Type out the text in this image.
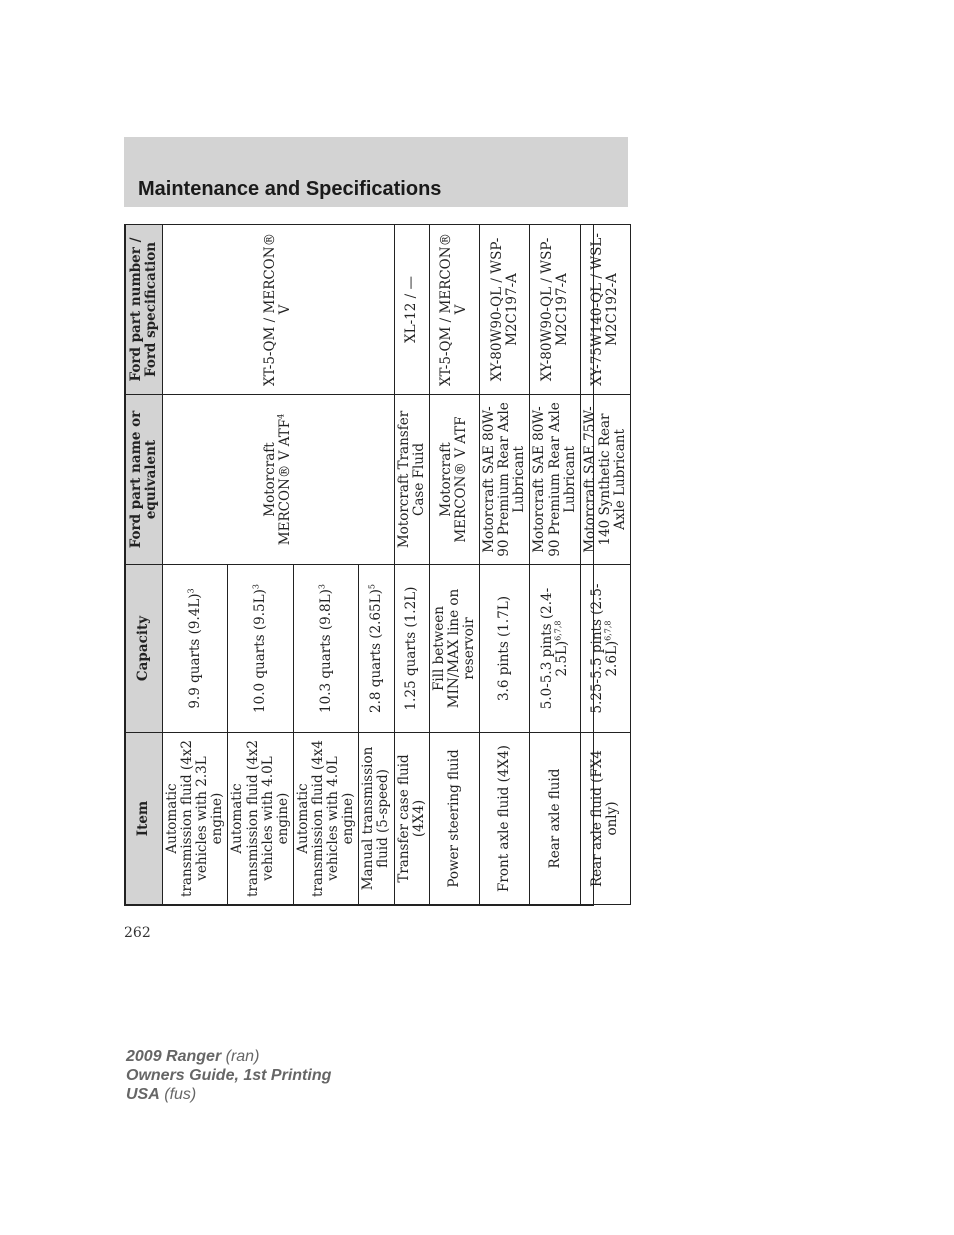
Maintenance and Specifications
Item	Capacity	Ford part name or equivalent	Ford part number / Ford specification
Automatic transmission fluid (4x2 vehicles with 2.3L engine)	9.9 quarts $(9.4L)^3$	Motorcraft MERCON® V ATF$^4$	XT-5-QM / MERCON® V
Automatic transmission fluid (4x2 vehicles with 4.0L engine)	10.0 quarts $(9.5L)^3$
Automatic transmission fluid (4x4 vehicles with 4.0L engine)	10.3 quarts $(9.8L)^3$
Manual transmission fluid (5-speed)	2.8 quarts $(2.65L)^5$
Transfer case fluid (4X4)	1.25 quarts (1.2L)	Motorcraft Transfer Case Fluid	XL-12 / —
Power steering fluid	Fill between MIN/MAX line on reservoir	Motorcraft MERCON® V ATF	XT-5-QM / MERCON® V
Front axle fluid (4X4)	3.6 pints (1.7L)	Motorcraft SAE 80W-90 Premium Rear Axle Lubricant	XY-80W90-QL / WSP-M2C197-A
Rear axle fluid	5.0-5.3 pints $(2.4-2.5L)^{6,7,8}$	Motorcraft SAE 80W-90 Premium Rear Axle Lubricant	XY-80W90-QL / WSP-M2C197-A
Rear axle fluid (FX4 only)	5.25-5.5 pints $(2.5-2.6L)^{6,7,8}$	Motorcraft SAE 75W-140 Synthetic Rear Axle Lubricant	XY-75W140-QL / WSL-M2C192-A
262
2009 Ranger (ran)
Owners Guide, 1st Printing
USA (fus)
